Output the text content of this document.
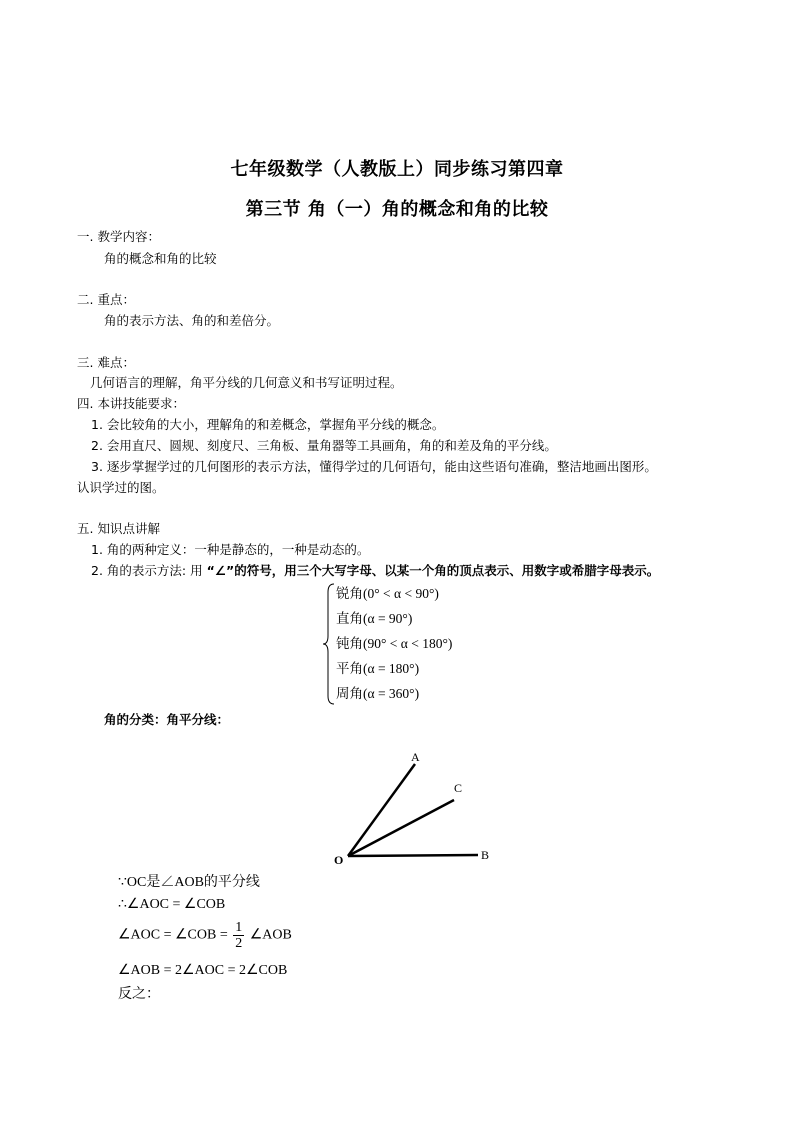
七年级数学（人教版上）同步练习第四章
第三节 角（一）角的概念和角的比较
一. 教学内容：
角的概念和角的比较
二. 重点：
角的表示方法、角的和差倍分。
三. 难点：
几何语言的理解，角平分线的几何意义和书写证明过程。
四. 本讲技能要求：
1. 会比较角的大小，理解角的和差概念，掌握角平分线的概念。
2. 会用直尺、圆规、刻度尺、三角板、量角器等工具画角，角的和差及角的平分线。
3. 逐步掌握学过的几何图形的表示方法，懂得学过的几何语句，能由这些语句准确，整洁地画出图形。
认识学过的图。
五. 知识点讲解
1. 角的两种定义：一种是静态的，一种是动态的。
2. 角的表示方法: 用 “∠”的符号，用三个大写字母、以某一个角的顶点表示、用数字或希腊字母表示。
锐角(0° < α < 90°)
直角(α = 90°)
钝角(90° < α < 180°)
平角(α = 180°)
周角(α = 360°)
角的分类：角平分线：
A
C
O	B
∵OC是∠AOB的平分线
∴∠AOC = ∠COB
∠AOC = ∠COB = $\frac{1}{2}$ ∠AOB
∠AOB = 2∠AOC = 2∠COB
反之：
